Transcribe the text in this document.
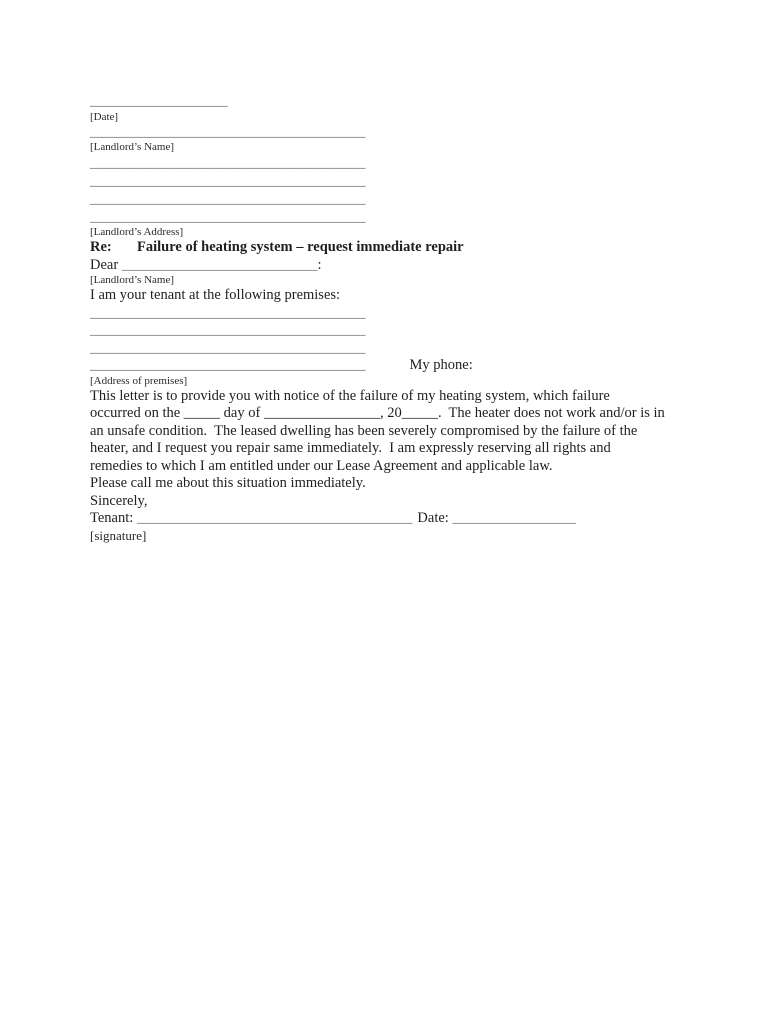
___________________
[Date]
______________________________________
[Landlord’s Name]
______________________________________
______________________________________
______________________________________
______________________________________
[Landlord’s Address]

Re: Failure of heating system – request immediate repair

Dear ___________________________:

[Landlord’s Name]

I am your tenant at the following premises:

______________________________________
______________________________________
______________________________________
______________________________________	My phone:
[Address of premises]
This letter is to provide you with notice of the failure of my heating system, which failure
occurred on the _____ day of ________________, 20_____.  The heater does not work and/or is in
an unsafe condition.  The leased dwelling has been severely compromised by the failure of the
heater, and I request you repair same immediately.  I am expressly reserving all rights and
remedies to which I am entitled under our Lease Agreement and applicable law.

Please call me about this situation immediately.

Sincerely,

Tenant: ______________________________________ Date: _________________

[signature]
